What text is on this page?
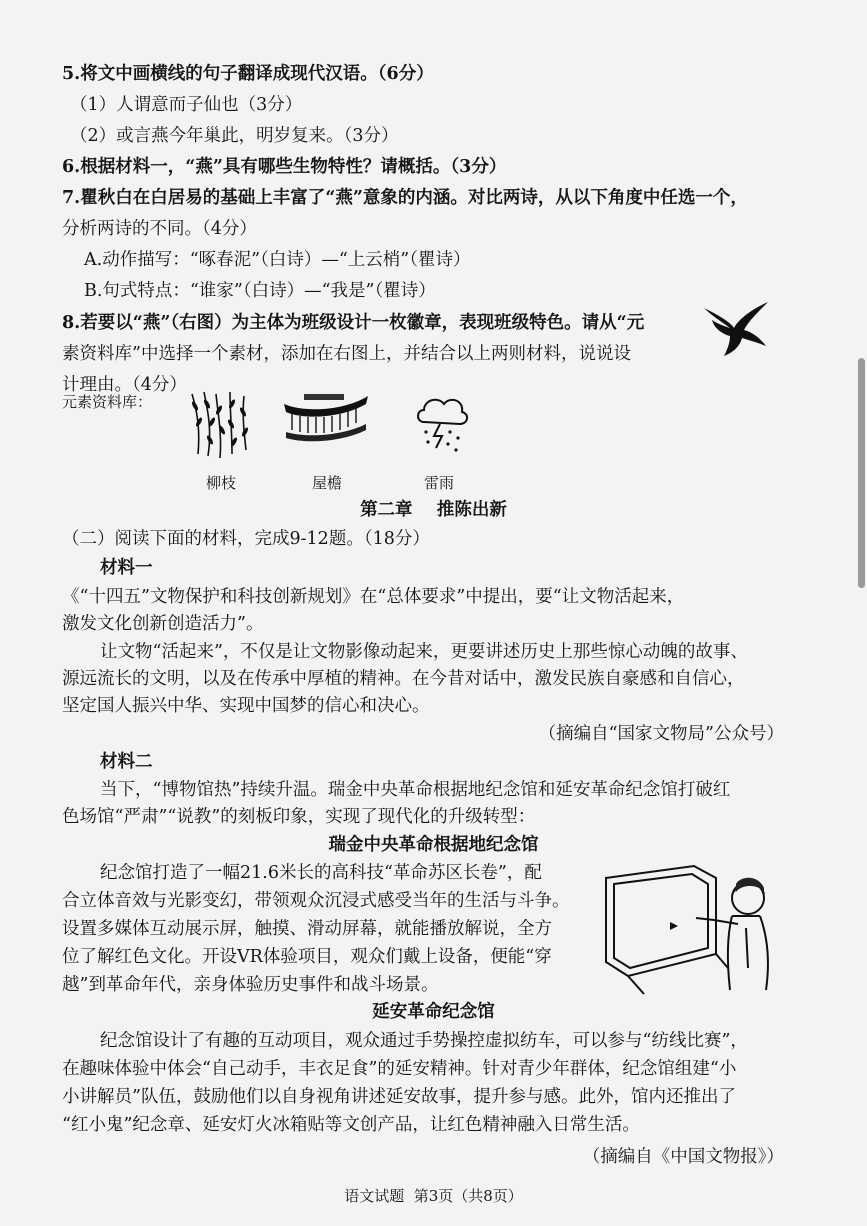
5.将文中画横线的句子翻译成现代汉语。（6分）
（1）人谓意而子仙也（3分）
（2）或言燕今年巢此，明岁复来。（3分）
6.根据材料一，“燕”具有哪些生物特性？请概括。（3分）
7.瞿秋白在白居易的基础上丰富了“燕”意象的内涵。对比两诗，从以下角度中任选一个，
分析两诗的不同。（4分）
A.动作描写：“啄春泥”（白诗）—“上云梢”（瞿诗）
B.句式特点：“谁家”（白诗）—“我是”（瞿诗）
8.若要以“燕”（右图）为主体为班级设计一枚徽章，表现班级特色。请从“元
素资料库”中选择一个素材，添加在右图上，并结合以上两则材料，说说设
计理由。（4分）
元素资料库：
柳枝	屋檐	雷雨
第二章    推陈出新
（二）阅读下面的材料，完成9-12题。（18分）
材料一
《“十四五”文物保护和科技创新规划》在“总体要求”中提出，要“让文物活起来，
激发文化创新创造活力”。
让文物“活起来”，不仅是让文物影像动起来，更要讲述历史上那些惊心动魄的故事、
源远流长的文明，以及在传承中厚植的精神。在今昔对话中，激发民族自豪感和自信心，
坚定国人振兴中华、实现中国梦的信心和决心。
（摘编自“国家文物局”公众号）
材料二
当下，“博物馆热”持续升温。瑞金中央革命根据地纪念馆和延安革命纪念馆打破红
色场馆“严肃”“说教”的刻板印象，实现了现代化的升级转型：
瑞金中央革命根据地纪念馆
纪念馆打造了一幅21.6米长的高科技“革命苏区长卷”，配
合立体音效与光影变幻，带领观众沉浸式感受当年的生活与斗争。
设置多媒体互动展示屏，触摸、滑动屏幕，就能播放解说，全方
位了解红色文化。开设VR体验项目，观众们戴上设备，便能“穿
越”到革命年代，亲身体验历史事件和战斗场景。
延安革命纪念馆
纪念馆设计了有趣的互动项目，观众通过手势操控虚拟纺车，可以参与“纺线比赛”，
在趣味体验中体会“自己动手，丰衣足食”的延安精神。针对青少年群体，纪念馆组建“小
小讲解员”队伍，鼓励他们以自身视角讲述延安故事，提升参与感。此外，馆内还推出了
“红小鬼”纪念章、延安灯火冰箱贴等文创产品，让红色精神融入日常生活。
（摘编自《中国文物报》）
语文试题  第3页（共8页）
